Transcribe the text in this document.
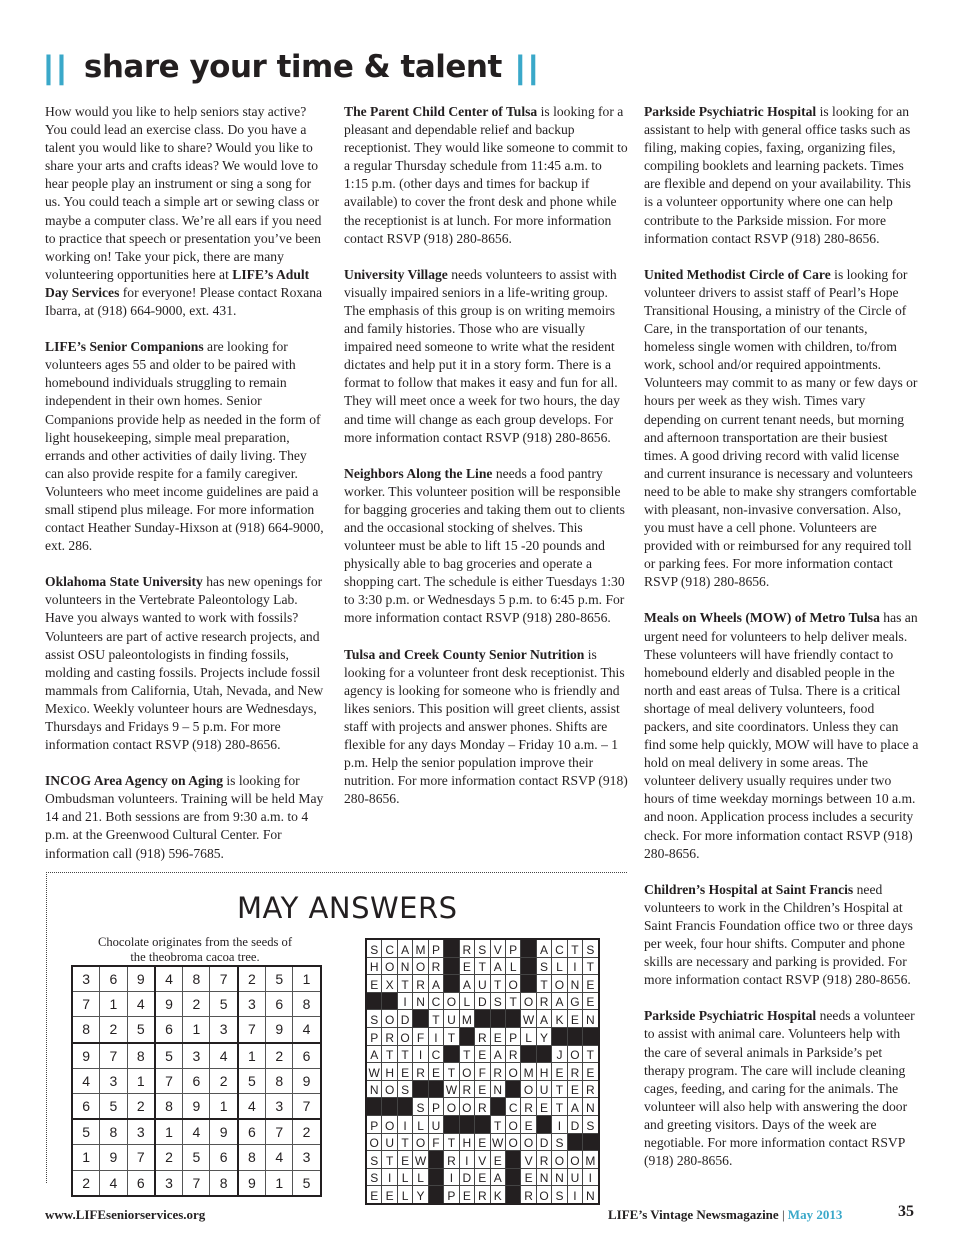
|| share your time & talent ||

How would you like to help seniors stay active? You could lead an exercise class. Do you have a talent you would like to share? Would you like to share your arts and crafts ideas? We would love to hear people play an instrument or sing a song for us. You could teach a simple art or sewing class or maybe a computer class. We’re all ears if you need to practice that speech or presentation you’ve been working on! Take your pick, there are many volunteering opportunities here at LIFE’s Adult Day Services for everyone! Please contact Roxana Ibarra, at (918) 664-9000, ext. 431.

LIFE’s Senior Companions are looking for volunteers ages 55 and older to be paired with homebound individuals struggling to remain independent in their own homes. Senior Companions provide help as needed in the form of light housekeeping, simple meal preparation, errands and other activities of daily living. They can also provide respite for a family caregiver. Volunteers who meet income guidelines are paid a small stipend plus mileage. For more information contact Heather Sunday-Hixson at (918) 664-9000, ext. 286.

Oklahoma State University has new openings for volunteers in the Vertebrate Paleontology Lab. Have you always wanted to work with fossils? Volunteers are part of active research projects, and assist OSU paleontologists in finding fossils, molding and casting fossils. Projects include fossil mammals from California, Utah, Nevada, and New Mexico. Weekly volunteer hours are Wednesdays, Thursdays and Fridays 9 – 5 p.m. For more information contact RSVP (918) 280-8656.

INCOG Area Agency on Aging is looking for Ombudsman volunteers. Training will be held May 14 and 21. Both sessions are from 9:30 a.m. to 4 p.m. at the Greenwood Cultural Center. For information call (918) 596-7685.

The Parent Child Center of Tulsa is looking for a pleasant and dependable relief and backup receptionist. They would like someone to commit to a regular Thursday schedule from 11:45 a.m. to 1:15 p.m. (other days and times for backup if available) to cover the front desk and phone while the receptionist is at lunch. For more information contact RSVP (918) 280-8656.

University Village needs volunteers to assist with visually impaired seniors in a life-writing group. The emphasis of this group is on writing memoirs and family histories. Those who are visually impaired need someone to write what the resident dictates and help put it in a story form. There is a format to follow that makes it easy and fun for all. They will meet once a week for two hours, the day and time will change as each group develops. For more information contact RSVP (918) 280-8656.

Neighbors Along the Line needs a food pantry worker. This volunteer position will be responsible for bagging groceries and taking them out to clients and the occasional stocking of shelves. This volunteer must be able to lift 15 -20 pounds and physically able to bag groceries and operate a shopping cart. The schedule is either Tuesdays 1:30 to 3:30 p.m. or Wednesdays 5 p.m. to 6:45 p.m. For more information contact RSVP (918) 280-8656.

Tulsa and Creek County Senior Nutrition is looking for a volunteer front desk receptionist. This agency is looking for someone who is friendly and likes seniors. This position will greet clients, assist staff with projects and answer phones. Shifts are flexible for any days Monday – Friday 10 a.m. – 1 p.m. Help the senior population improve their nutrition. For more information contact RSVP (918) 280-8656.

Parkside Psychiatric Hospital is looking for an assistant to help with general office tasks such as filing, making copies, faxing, organizing files, compiling booklets and learning packets. Times are flexible and depend on your availability. This is a volunteer opportunity where one can help contribute to the Parkside mission. For more information contact RSVP (918) 280-8656.

United Methodist Circle of Care is looking for volunteer drivers to assist staff of Pearl’s Hope Transitional Housing, a ministry of the Circle of Care, in the transportation of our tenants, homeless single women with children, to/from work, school and/or required appointments. Volunteers may commit to as many or few days or hours per week as they wish. Times vary depending on current tenant needs, but morning and afternoon transportation are their busiest times. A good driving record with valid license and current insurance is necessary and volunteers need to be able to make shy strangers comfortable with pleasant, non-invasive conversation. Also, you must have a cell phone. Volunteers are provided with or reimbursed for any required toll or parking fees. For more information contact RSVP (918) 280-8656.

Meals on Wheels (MOW) of Metro Tulsa has an urgent need for volunteers to help deliver meals. These volunteers will have friendly contact to homebound elderly and disabled people in the north and east areas of Tulsa. There is a critical shortage of meal delivery volunteers, food packers, and site coordinators. Unless they can find some help quickly, MOW will have to place a hold on meal delivery in some areas. The volunteer delivery usually requires under two hours of time weekday mornings between 10 a.m. and noon. Application process includes a security check. For more information contact RSVP (918) 280-8656.

Children’s Hospital at Saint Francis need volunteers to work in the Children’s Hospital at Saint Francis Foundation office two or three days per week, four hour shifts. Computer and phone skills are necessary and parking is provided. For more information contact RSVP (918) 280-8656.

Parkside Psychiatric Hospital needs a volunteer to assist with animal care. Volunteers help with the care of several animals in Parkside’s pet therapy program. The care will include cleaning cages, feeding, and caring for the animals. The volunteer will also help with answering the door and greeting visitors. Days of the week are negotiable. For more information contact RSVP (918) 280-8656.

MAY ANSWERS
Chocolate originates from the seeds of
the theobroma cacoa tree.
3	6	9	4	8	7	2	5	1
7	1	4	9	2	5	3	6	8
8	2	5	6	1	3	7	9	4
9	7	8	5	3	4	1	2	6
4	3	1	7	6	2	5	8	9
6	5	2	8	9	1	4	3	7
5	8	3	1	4	9	6	7	2
1	9	7	2	5	6	8	4	3
2	4	6	3	7	8	9	1	5
S	C	A	M	P		R	S	V	P		A	C	T	S
H	O	N	O	R		E	T	A	L		S	L	I	T
E	X	T	R	A		A	U	T	O		T	O	N	E
		I	N	C	O	L	D	S	T	O	R	A	G	E
S	O	D		T	U	M				W	A	K	E	N
P	R	O	F	I	T		R	E	P	L	Y			
A	T	T	I	C		T	E	A	R			J	O	T
W	H	E	R	E	T	O	F	R	O	M	H	E	R	E
N	O	S			W	R	E	N		O	U	T	E	R
			S	P	O	O	R		C	R	E	T	A	N
P	O	I	L	U				T	O	E		I	D	S
O	U	T	O	F	T	H	E	W	O	O	D	S		
S	T	E	W		R	I	V	E		V	R	O	O	M
S	I	L	L		I	D	E	A		E	N	N	U	I
E	E	L	Y		P	E	R	K		R	O	S	I	N
www.LIFEseniorservices.org	LIFE’s Vintage Newsmagazine | May 2013	35
